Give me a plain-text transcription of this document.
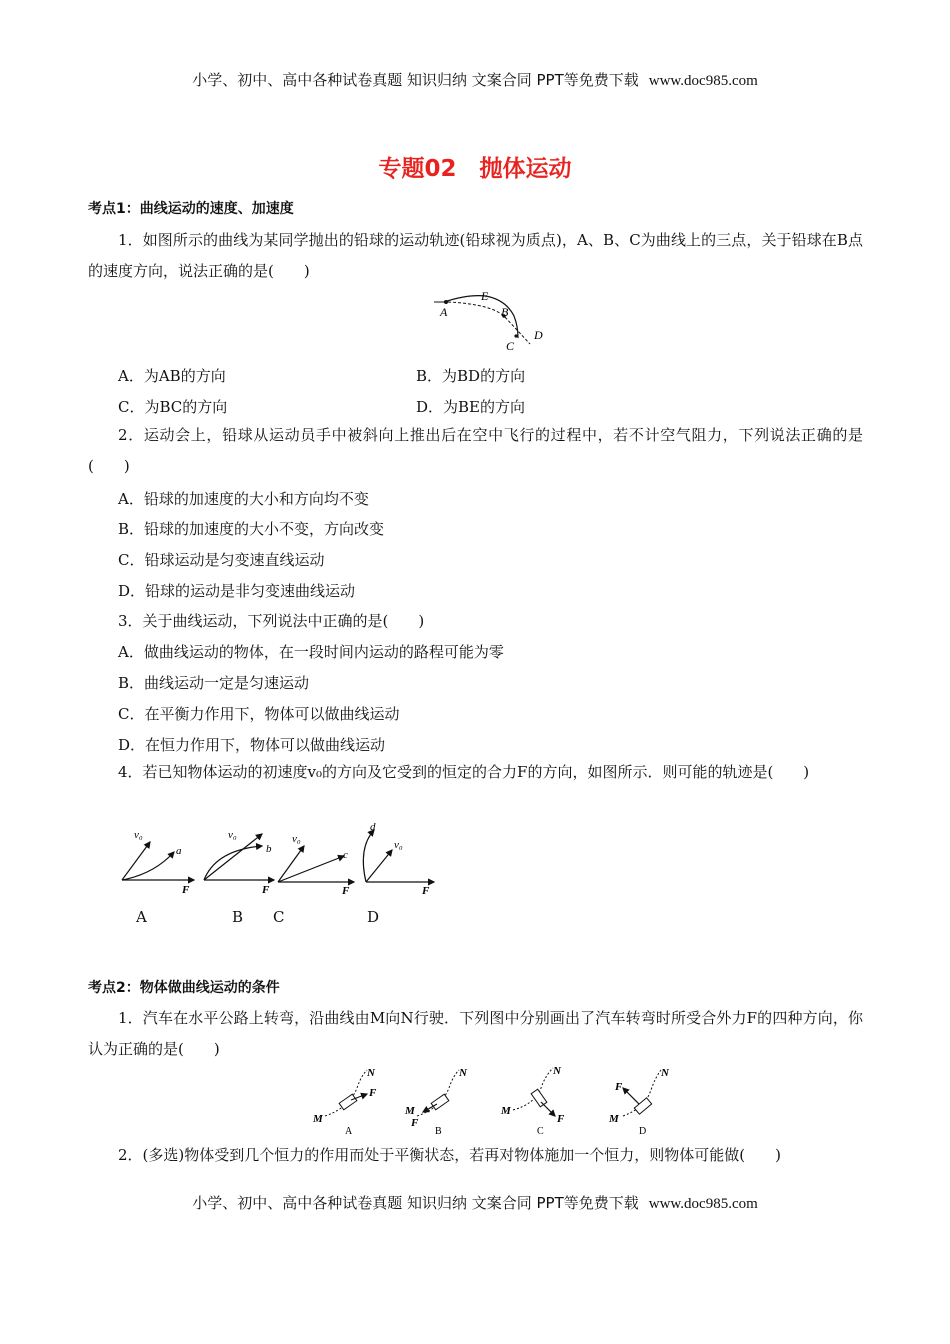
小学、初中、高中各种试卷真题 知识归纳 文案合同 PPT等免费下载 www.doc985.com
专题02　抛体运动
考点1：曲线运动的速度、加速度
1．如图所示的曲线为某同学抛出的铅球的运动轨迹(铅球视为质点)，A、B、C为曲线上的三点，关于铅球在B点的速度方向，说法正确的是(　　)
A
E
B
C
D
A．为AB的方向	B．为BD的方向
C．为BC的方向	D．为BE的方向
2．运动会上，铅球从运动员手中被斜向上推出后在空中飞行的过程中，若不计空气阻力，下列说法正确的是(　　)
A．铅球的加速度的大小和方向均不变
B．铅球的加速度的大小不变，方向改变
C．铅球运动是匀变速直线运动
D．铅球的运动是非匀变速曲线运动
3．关于曲线运动，下列说法中正确的是(　　)
A．做曲线运动的物体，在一段时间内运动的路程可能为零
B．曲线运动一定是匀速运动
C．在平衡力作用下，物体可以做曲线运动
D．在恒力作用下，物体可以做曲线运动
4．若已知物体运动的初速度v₀的方向及它受到的恒定的合力F的方向，如图所示．则可能的轨迹是(　　)
v₀
a
F
v₀
b
F
v₀
c
F
v₀
d
F
A	B C	D
考点2：物体做曲线运动的条件
1．汽车在水平公路上转弯，沿曲线由M向N行驶．下列图中分别画出了汽车转弯时所受合外力F的四种方向，你认为正确的是(　　)
M
N
F
A
M
N
F
B
M
N
F
C
M
N
F
D
2．(多选)物体受到几个恒力的作用而处于平衡状态，若再对物体施加一个恒力，则物体可能做(　　)
小学、初中、高中各种试卷真题 知识归纳 文案合同 PPT等免费下载 www.doc985.com
